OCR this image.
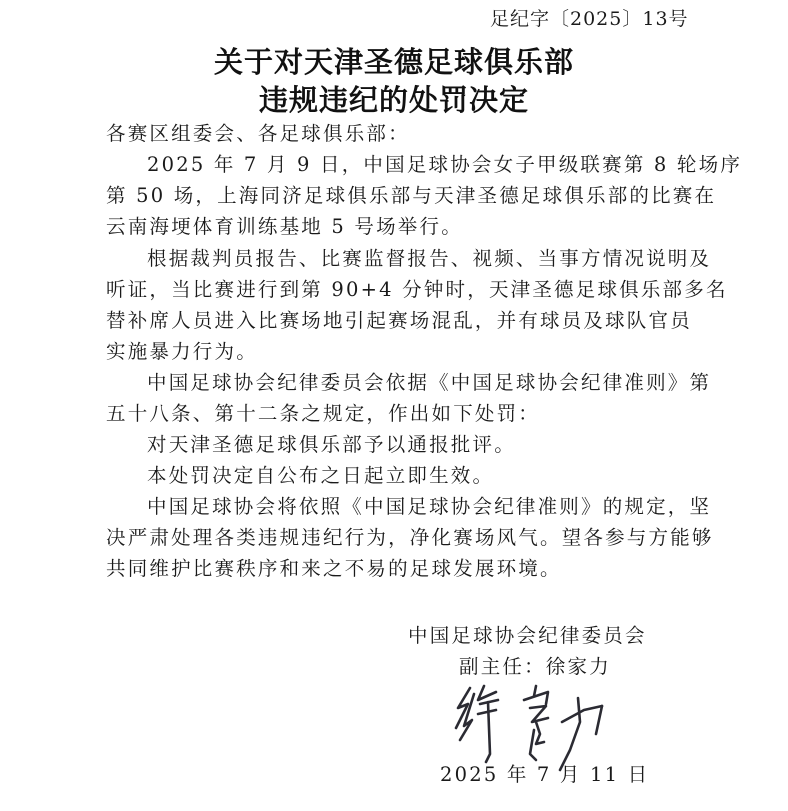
足纪字〔2025〕13号
关于对天津圣德足球俱乐部
违规违纪的处罚决定
各赛区组委会、各足球俱乐部：
2025 年 7 月 9 日，中国足球协会女子甲级联赛第 8 轮场序
第 50 场，上海同济足球俱乐部与天津圣德足球俱乐部的比赛在
云南海埂体育训练基地 5 号场举行。
根据裁判员报告、比赛监督报告、视频、当事方情况说明及
听证，当比赛进行到第 90+4 分钟时，天津圣德足球俱乐部多名
替补席人员进入比赛场地引起赛场混乱，并有球员及球队官员
实施暴力行为。
中国足球协会纪律委员会依据《中国足球协会纪律准则》第
五十八条、第十二条之规定，作出如下处罚：
对天津圣德足球俱乐部予以通报批评。
本处罚决定自公布之日起立即生效。
中国足球协会将依照《中国足球协会纪律准则》的规定，坚
决严肃处理各类违规违纪行为，净化赛场风气。望各参与方能够
共同维护比赛秩序和来之不易的足球发展环境。
中国足球协会纪律委员会
副主任：徐家力
2025 年 7 月 11 日
